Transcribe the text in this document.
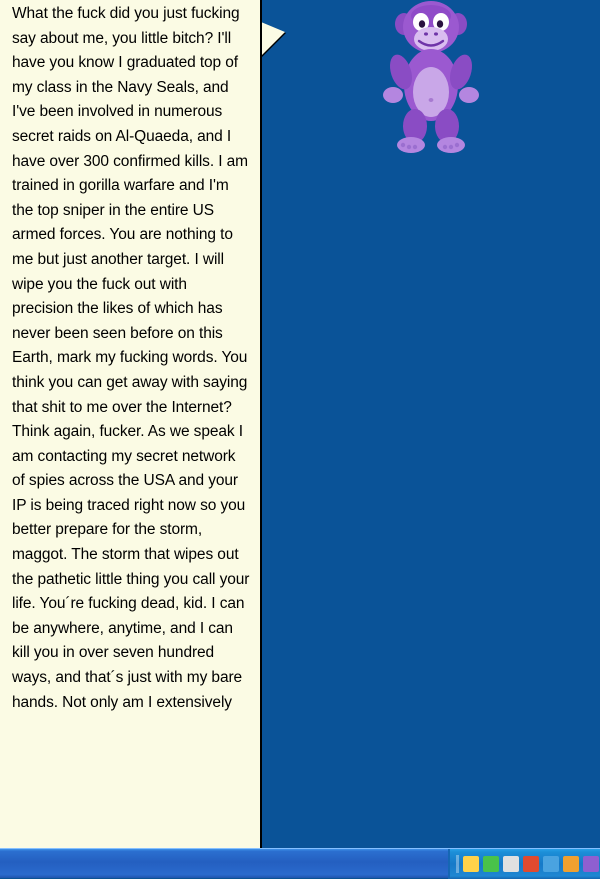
What the fuck did you just fucking say about me, you little bitch? I'll have you know I graduated top of my class in the Navy Seals, and I've been involved in numerous secret raids on Al-Quaeda, and I have over 300 confirmed kills. I am trained in gorilla warfare and I'm the top sniper in the entire US armed forces. You are nothing to me but just another target. I will wipe you the fuck out with precision the likes of which has never been seen before on this Earth, mark my fucking words. You think you can get away with saying that shit to me over the Internet? Think again, fucker. As we speak I am contacting my secret network of spies across the USA and your IP is being traced right now so you better prepare for the storm, maggot. The storm that wipes out the pathetic little thing you call your life. You´re fucking dead, kid. I can be anywhere, anytime, and I can kill you in over seven hundred ways, and that´s just with my bare hands. Not only am I extensively
